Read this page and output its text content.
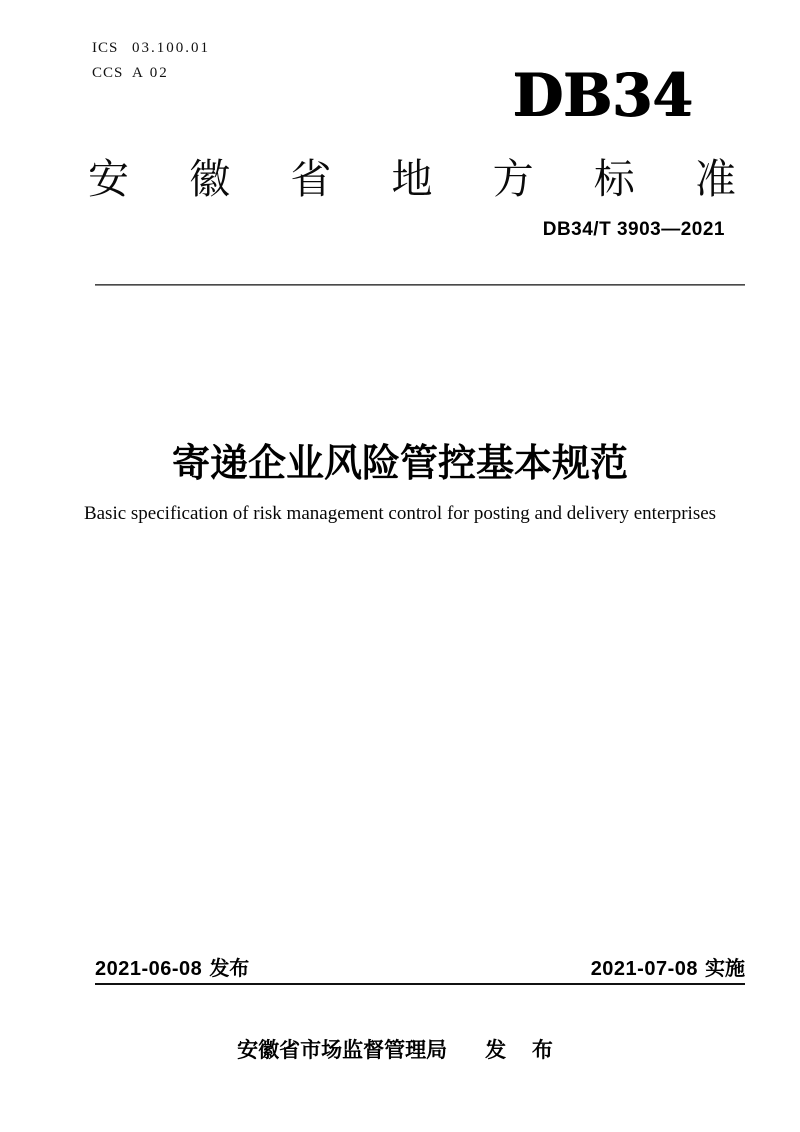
ICS 03.100.01
CCS A 02	DB34
安 徽 省 地 方 标 准
DB34/T 3903—2021
寄递企业风险管控基本规范
Basic specification of risk management control for posting and delivery enterprises
2021-06-08 发布	2021-07-08 实施
安徽省市场监督管理局 发 布
